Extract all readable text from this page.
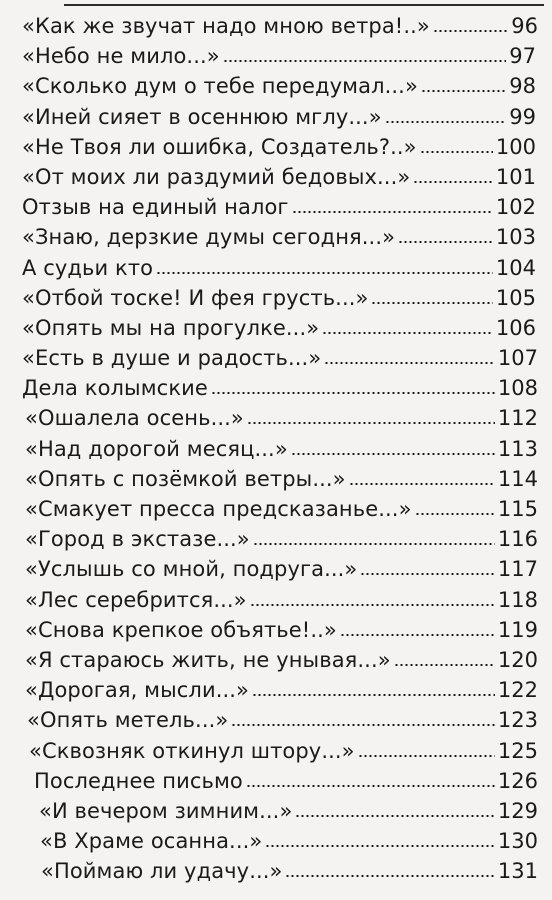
«Как же звучат надо мною ветра!..»	96
«Небо не мило...»	97
«Сколько дум о тебе передумал...»	98
«Иней сияет в осеннюю мглу...»	99
«Не Твоя ли ошибка, Создатель?..»	100
«От моих ли раздумий бедовых...»	101
Отзыв на единый налог	102
«Знаю, дерзкие думы сегодня...»	103
А судьи кто	104
«Отбой тоске! И фея грусть...»	105
«Опять мы на прогулке...»	106
«Есть в душе и радость...»	107
Дела колымские	108
«Ошалела осень...»	112
«Над дорогой месяц...»	113
«Опять с позёмкой ветры...»	114
«Смакует пресса предсказанье...»	115
«Город в экстазе...»	116
«Услышь со мной, подруга...»	117
«Лес серебрится...»	118
«Снова крепкое объятье!..»	119
«Я стараюсь жить, не унывая...»	120
«Дорогая, мысли...»	122
«Опять метель...»	123
«Сквозняк откинул штору...»	125
Последнее письмо	126
«И вечером зимним...»	129
«В Храме осанна...»	130
«Поймаю ли удачу...»	131
